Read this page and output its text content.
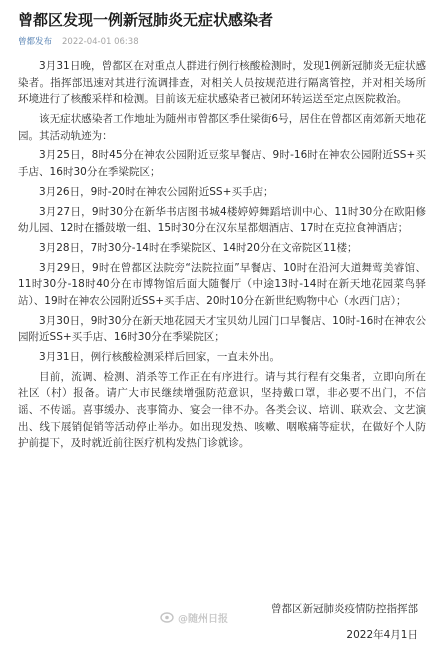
曾都区发现一例新冠肺炎无症状感染者
曾都发布 2022-04-01 06:38

3月31日晚，曾都区在对重点人群进行例行核酸检测时，发现1例新冠肺炎无症状感染者。指挥部迅速对其进行流调排查，对相关人员按规范进行隔离管控，并对相关场所环境进行了核酸采样和检测。目前该无症状感染者已被闭环转运送至定点医院救治。

该无症状感染者工作地址为随州市曾都区季仕梁街6号，居住在曾都区南郊新天地花园。其活动轨迹为：

3月25日，8时45分在神农公园附近豆浆早餐店、9时-16时在神农公园附近SS+买手店、16时30分在季梁院区；

3月26日，9时-20时在神农公园附近SS+买手店；

3月27日，9时30分在新华书店图书城4楼婷婷舞蹈培训中心、11时30分在欧阳修幼儿园、12时在播鼓墩一组、15时30分在汉东星都烟酒店、17时在克拉食神酒店；

3月28日，7时30分-14时在季梁院区、14时20分在文帝院区11楼；

3月29日，9时在曾都区法院旁“法院拉面”早餐店、10时在沿河大道舞莺美睿馆、11时30分-18时40分在市博物馆后面大随餐厅（中途13时-14时在新天地花园菜鸟驿站）、19时在神农公园附近SS+买手店、20时10分在新世纪购物中心（水西门店）；

3月30日，9时30分在新天地花园天才宝贝幼儿园门口早餐店、10时-16时在神农公园附近SS+买手店、16时30分在季梁院区；

3月31日，例行核酸检测采样后回家，一直未外出。

目前，流调、检测、消杀等工作正在有序进行。请与其行程有交集者，立即向所在社区（村）报备。请广大市民继续增强防范意识，坚持戴口罩，非必要不出门，不信谣、不传谣。喜事缓办、丧事简办、宴会一律不办。各类会议、培训、联欢会、文艺演出、线下展销促销等活动停止举办。如出现发热、咳嗽、咽喉痛等症状，在做好个人防护前提下，及时就近前往医疗机构发热门诊就诊。

@随州日报
曾都区新冠肺炎疫情防控指挥部
2022年4月1日
